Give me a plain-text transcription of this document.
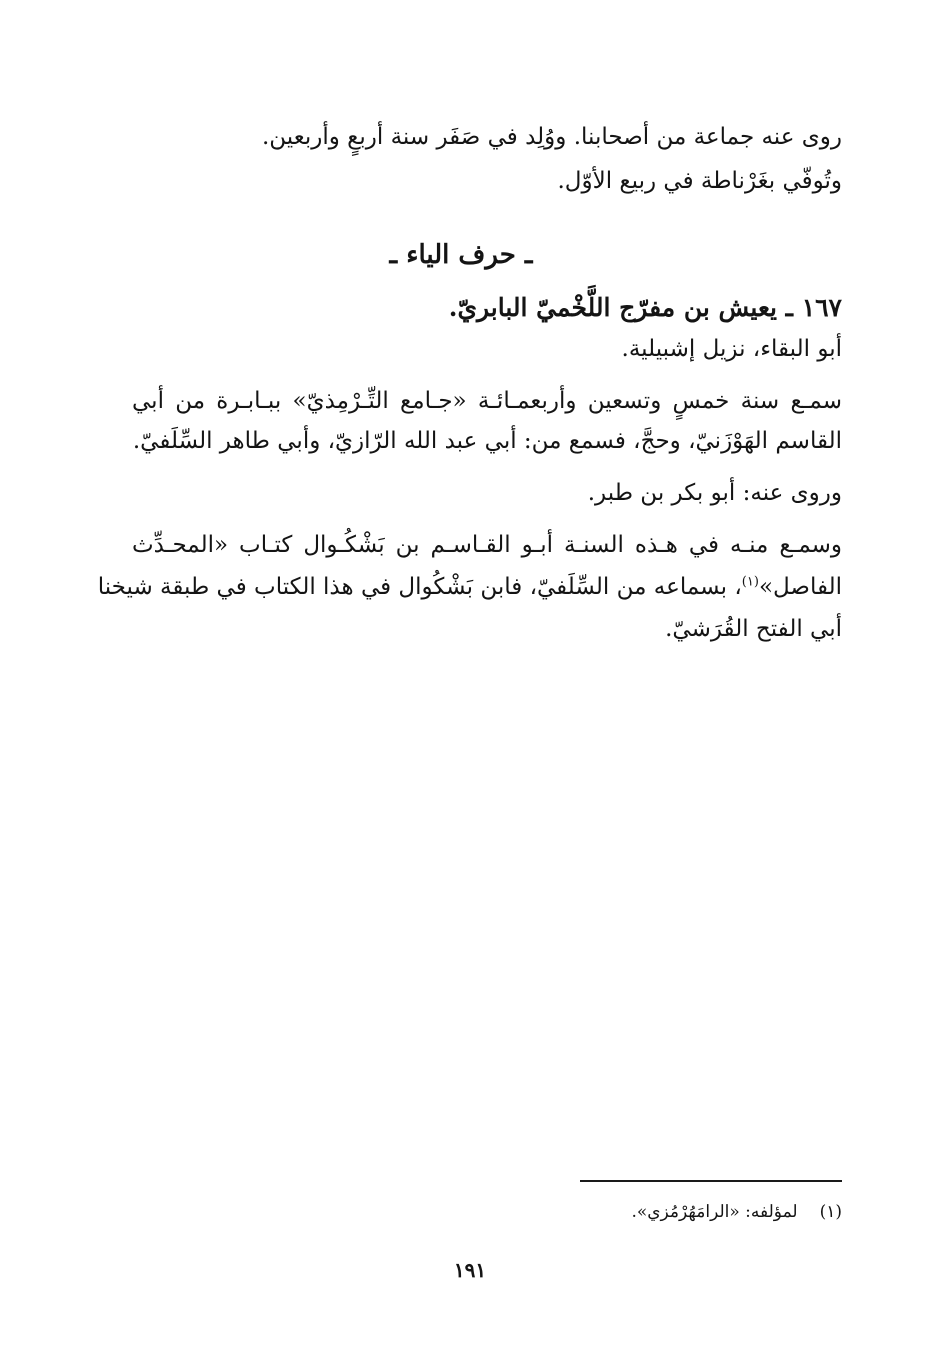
روى عنه جماعة من أصحابنا. ووُلِد في صَفَر سنة أربعٍ وأربعين.
وتُوفّي بغَرْناطة في ربيع الأوّل.
ـ حرف الياء ـ
١٦٧ ـ يعيش بن مفرّج اللَّخْميّ البابريّ.
أبو البقاء، نزيل إشبيلية.
سمـع سنة خمسٍ وتسعين وأربعمـائـة «جـامع التِّـرْمِذيّ» ببـابـرة من أبي
القاسم الهَوْزَنيّ، وحجَّ، فسمع من: أبي عبد الله الرّازيّ، وأبي طاهر السِّلَفيّ.
وروى عنه: أبو بكر بن طبر.
وسمـع منـه في هـذه السنـة أبـو القـاسـم بن بَشْكُـوال كتـاب «المحـدِّث
الفاصل»$^{(١)}$، بسماعه من السِّلَفيّ، فابن بَشْكُوال في هذا الكتاب في طبقة شيخنا
أبي الفتح القُرَشيّ.
(١)لمؤلفه: «الرامَهُرْمُزي».
١٩١
